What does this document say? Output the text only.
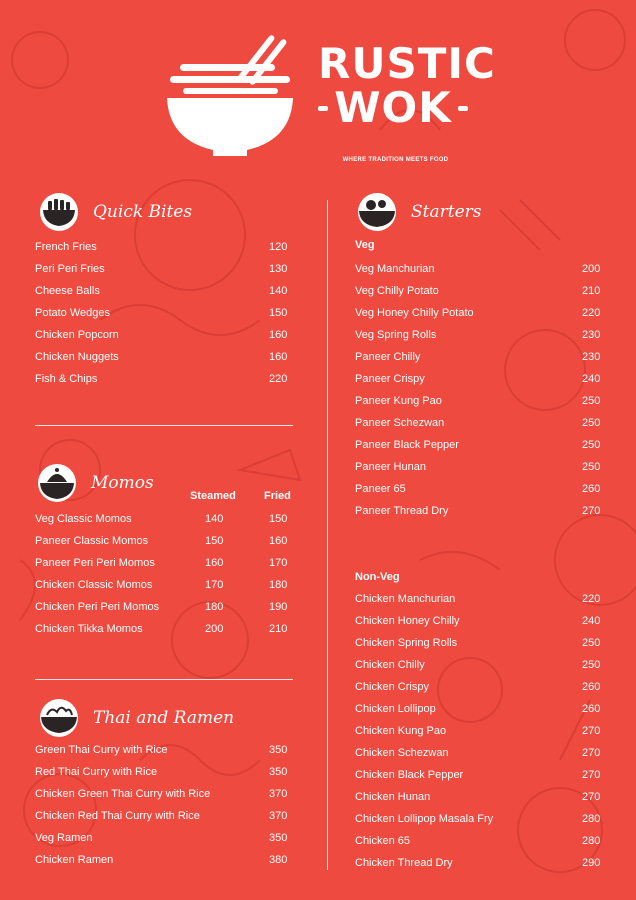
RUSTIC
WOK
WHERE TRADITION MEETS FOOD
Quick Bites
French Fries	120
Peri Peri Fries	130
Cheese Balls	140
Potato Wedges	150
Chicken Popcorn	160
Chicken Nuggets	160
Fish & Chips	220
Momos
Steamed	Fried
Veg Classic Momos	140	150
Paneer Classic Momos	150	160
Paneer Peri Peri Momos	160	170
Chicken Classic Momos	170	180
Chicken Peri Peri Momos	180	190
Chicken Tikka Momos	200	210
Thai and Ramen
Green Thai Curry with Rice	350
Red Thai Curry with Rice	350
Chicken Green Thai Curry with Rice	370
Chicken Red Thai Curry with Rice	370
Veg Ramen	350
Chicken Ramen	380
Starters
Veg
Veg Manchurian	200
Veg Chilly Potato	210
Veg Honey Chilly Potato	220
Veg Spring Rolls	230
Paneer Chilly	230
Paneer Crispy	240
Paneer Kung Pao	250
Paneer Schezwan	250
Paneer Black Pepper	250
Paneer Hunan	250
Paneer 65	260
Paneer Thread Dry	270
Non-Veg
Chicken Manchurian	220
Chicken Honey Chilly	240
Chicken Spring Rolls	250
Chicken Chilly	250
Chicken Crispy	260
Chicken Lollipop	260
Chicken Kung Pao	270
Chicken Schezwan	270
Chicken Black Pepper	270
Chicken Hunan	270
Chicken Lollipop Masala Fry	280
Chicken 65	280
Chicken Thread Dry	290
